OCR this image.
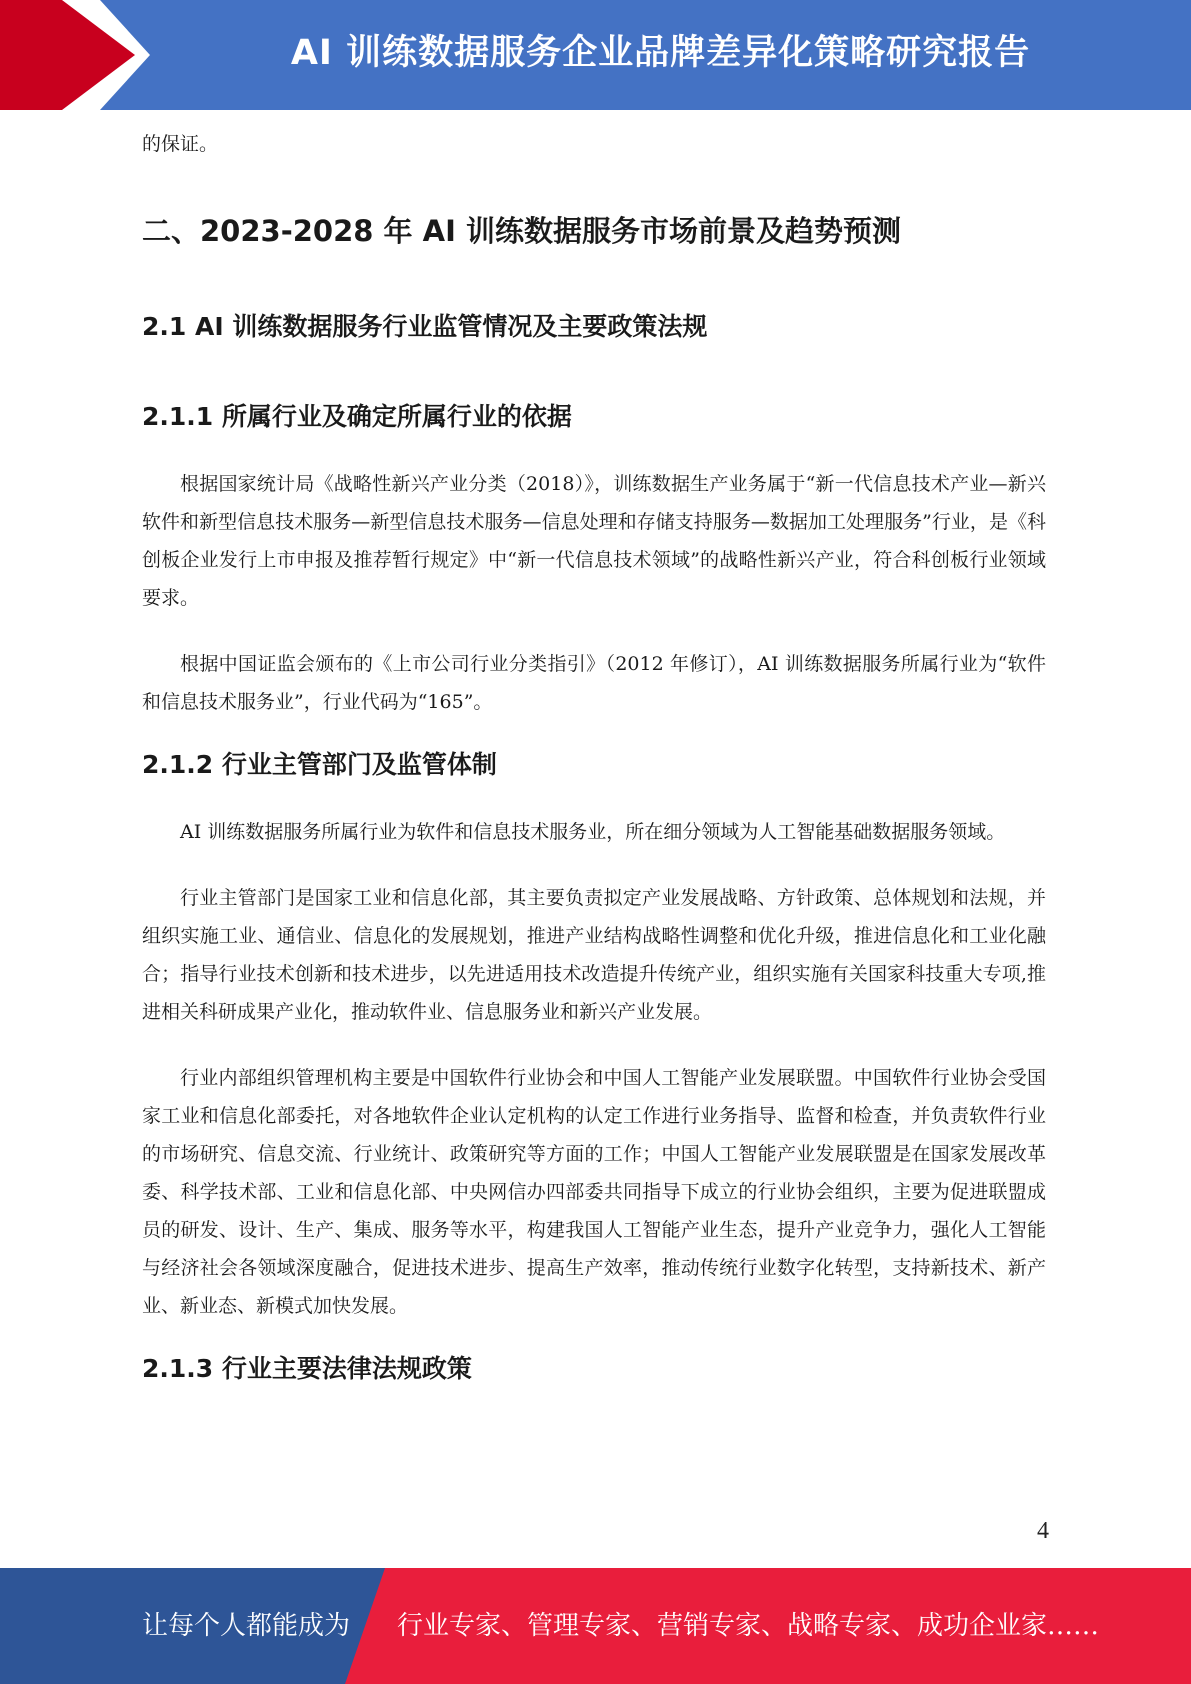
AI 训练数据服务企业品牌差异化策略研究报告

的保证。

二、2023-2028 年 AI 训练数据服务市场前景及趋势预测
2.1 AI 训练数据服务行业监管情况及主要政策法规
2.1.1 所属行业及确定所属行业的依据

根据国家统计局《战略性新兴产业分类（2018）》，训练数据生产业务属于“新一代信息技术产业—新兴软件和新型信息技术服务—新型信息技术服务—信息处理和存储支持服务—数据加工处理服务”行业，是《科创板企业发行上市申报及推荐暂行规定》中“新一代信息技术领域”的战略性新兴产业，符合科创板行业领域要求。

根据中国证监会颁布的《上市公司行业分类指引》（2012 年修订），AI 训练数据服务所属行业为“软件和信息技术服务业”，行业代码为“165”。

2.1.2 行业主管部门及监管体制

AI 训练数据服务所属行业为软件和信息技术服务业，所在细分领域为人工智能基础数据服务领域。

行业主管部门是国家工业和信息化部，其主要负责拟定产业发展战略、方针政策、总体规划和法规，并组织实施工业、通信业、信息化的发展规划，推进产业结构战略性调整和优化升级，推进信息化和工业化融合；指导行业技术创新和技术进步，以先进适用技术改造提升传统产业，组织实施有关国家科技重大专项,推进相关科研成果产业化，推动软件业、信息服务业和新兴产业发展。

行业内部组织管理机构主要是中国软件行业协会和中国人工智能产业发展联盟。中国软件行业协会受国家工业和信息化部委托，对各地软件企业认定机构的认定工作进行业务指导、监督和检查，并负责软件行业的市场研究、信息交流、行业统计、政策研究等方面的工作；中国人工智能产业发展联盟是在国家发展改革委、科学技术部、工业和信息化部、中央网信办四部委共同指导下成立的行业协会组织，主要为促进联盟成员的研发、设计、生产、集成、服务等水平，构建我国人工智能产业生态，提升产业竞争力，强化人工智能与经济社会各领域深度融合，促进技术进步、提高生产效率，推动传统行业数字化转型，支持新技术、新产业、新业态、新模式加快发展。

2.1.3 行业主要法律法规政策
4
让每个人都能成为 行业专家、管理专家、营销专家、战略专家、成功企业家……
